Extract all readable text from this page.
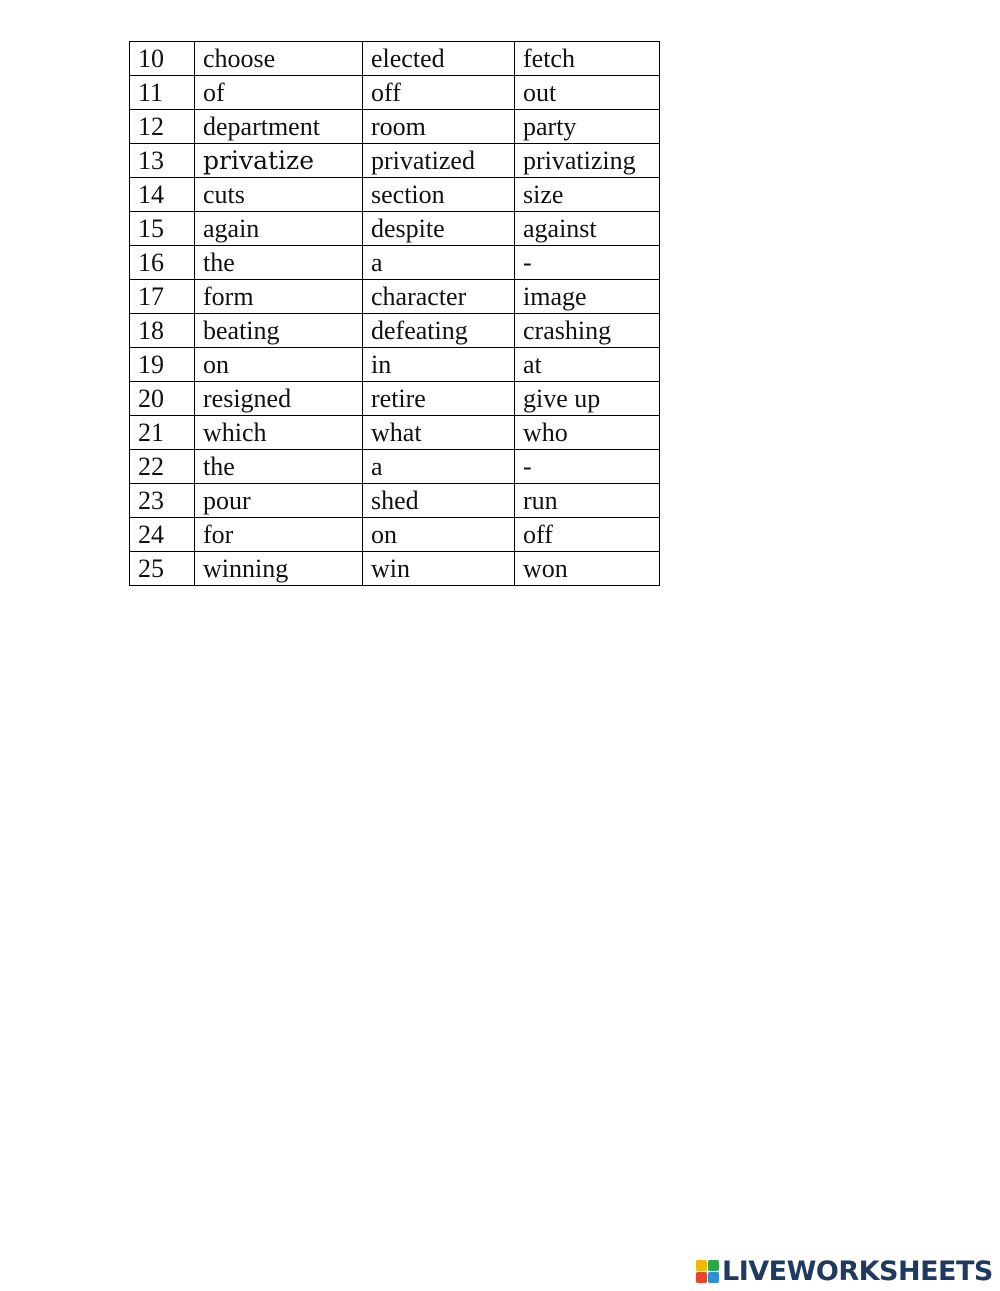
10	choose	elected	fetch
11	of	off	out
12	department	room	party
13	privatize	privatized	privatizing
14	cuts	section	size
15	again	despite	against
16	the	a	-
17	form	character	image
18	beating	defeating	crashing
19	on	in	at
20	resigned	retire	give up
21	which	what	who
22	the	a	-
23	pour	shed	run
24	for	on	off
25	winning	win	won
LIVEWORKSHEETS
